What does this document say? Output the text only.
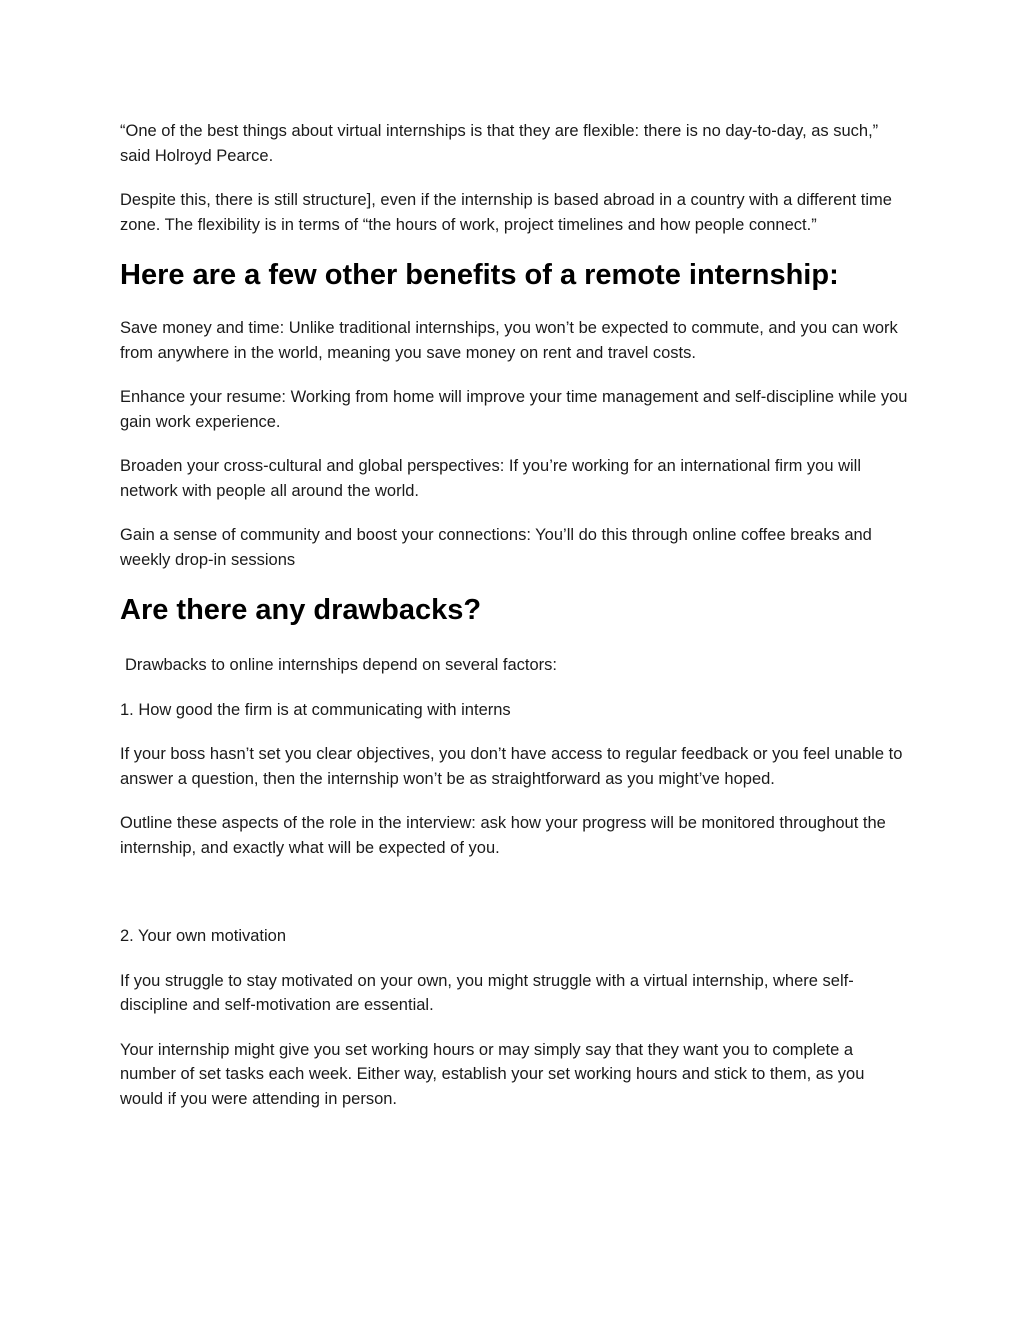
“One of the best things about virtual internships is that they are flexible: there is no day-to-day, as such,” said Holroyd Pearce.

Despite this, there is still structure], even if the internship is based abroad in a country with a different time zone. The flexibility is in terms of “the hours of work, project timelines and how people connect.”

Here are a few other benefits of a remote internship:

Save money and time: Unlike traditional internships, you won’t be expected to commute, and you can work from anywhere in the world, meaning you save money on rent and travel costs.

Enhance your resume: Working from home will improve your time management and self-discipline while you gain work experience.

Broaden your cross-cultural and global perspectives: If you’re working for an international firm you will network with people all around the world.

Gain a sense of community and boost your connections: You’ll do this through online coffee breaks and weekly drop-in sessions

Are there any drawbacks?

Drawbacks to online internships depend on several factors:

1. How good the firm is at communicating with interns

If your boss hasn’t set you clear objectives, you don’t have access to regular feedback or you feel unable to answer a question, then the internship won’t be as straightforward as you might’ve hoped.

Outline these aspects of the role in the interview: ask how your progress will be monitored throughout the internship, and exactly what will be expected of you.

2. Your own motivation

If you struggle to stay motivated on your own, you might struggle with a virtual internship, where self-discipline and self-motivation are essential.

Your internship might give you set working hours or may simply say that they want you to complete a number of set tasks each week. Either way, establish your set working hours and stick to them, as you would if you were attending in person.
